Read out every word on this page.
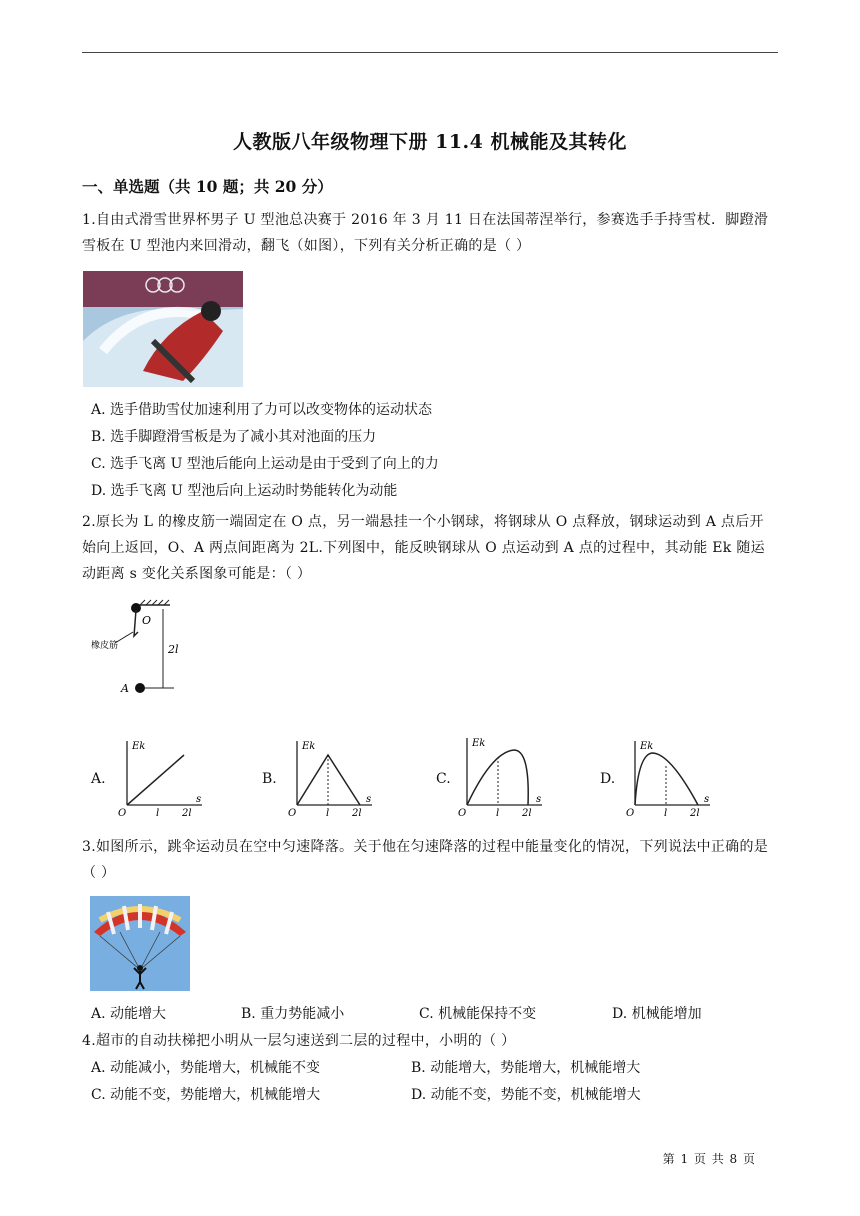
人教版八年级物理下册 11.4 机械能及其转化
一、单选题（共 10 题；共 20 分）
1.自由式滑雪世界杯男子 U 型池总决赛于 2016 年 3 月 11 日在法国蒂涅举行，参赛选手手持雪杖．脚蹬滑雪板在 U 型池内来回滑动，翻飞（如图），下列有关分析正确的是（ ）
A. 选手借助雪仗加速利用了力可以改变物体的运动状态
B. 选手脚蹬滑雪板是为了减小其对池面的压力
C. 选手飞离 U 型池后能向上运动是由于受到了向上的力
D. 选手飞离 U 型池后向上运动时势能转化为动能
2.原长为 L 的橡皮筋一端固定在 O 点，另一端悬挂一个小钢球，将钢球从 O 点释放，钢球运动到 A 点后开始向上返回，O、A 两点间距离为 2L.下列图中，能反映钢球从 O 点运动到 A 点的过程中，其动能 Ek 随运动距离 s 变化关系图象可能是：（ ）
O
橡皮筋	2l
A
A.
Ek
O	l 2l
s
B.
Ek
O	l 2l
s
C.
Ek
O	l 2l
s
D.
Ek
O	l 2l
s
3.如图所示，跳伞运动员在空中匀速降落。关于他在匀速降落的过程中能量变化的情况，下列说法中正确的是（ ）
A. 动能增大	B. 重力势能减小	C. 机械能保持不变	D. 机械能增加
4.超市的自动扶梯把小明从一层匀速送到二层的过程中，小明的（ ）
A. 动能减小，势能增大，机械能不变	B. 动能增大，势能增大，机械能增大
C. 动能不变，势能增大，机械能增大	D. 动能不变，势能不变，机械能增大
第 1 页 共 8 页
